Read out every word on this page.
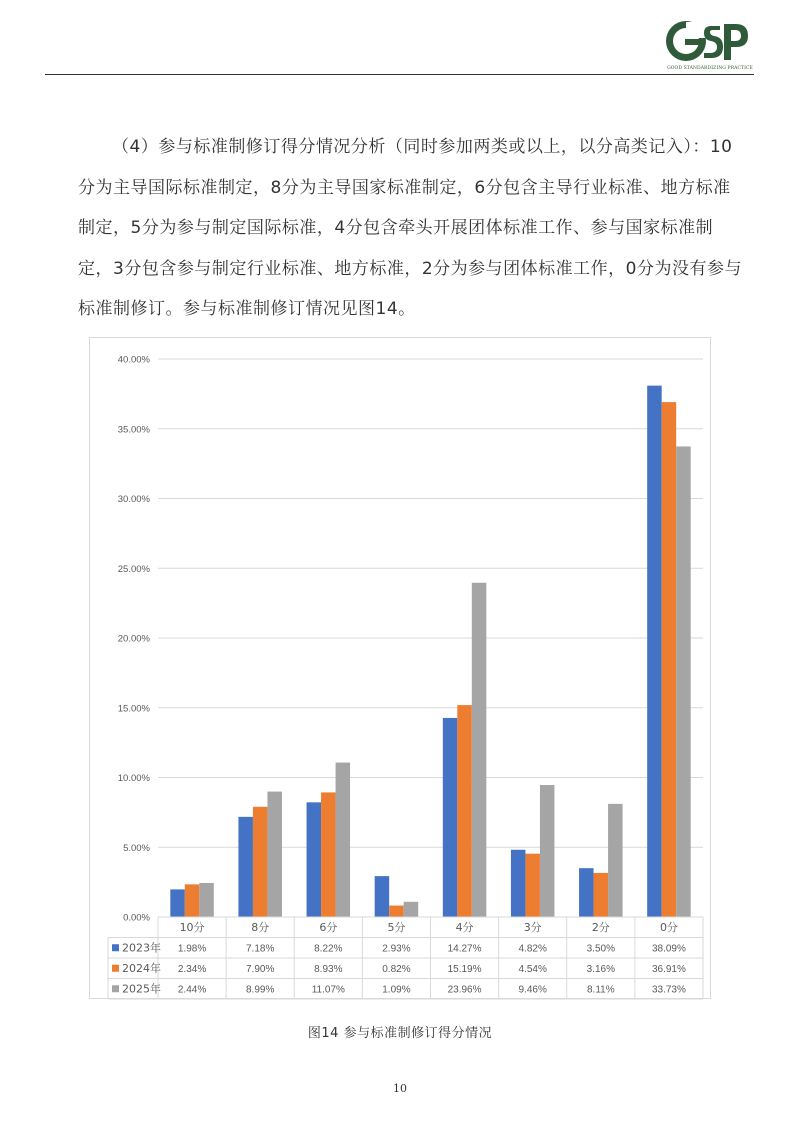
GOOD STANDARDIZING PRACTICE
（4）参与标准制修订得分情况分析（同时参加两类或以上，以分高类记入）：10分为主导国际标准制定，8分为主导国家标准制定，6分包含主导行业标准、地方标准制定，5分为参与制定国际标准，4分包含牵头开展团体标准工作、参与国家标准制定，3分包含参与制定行业标准、地方标准，2分为参与团体标准工作，0分为没有参与标准制修订。参与标准制修订情况见图14。
0.00%
5.00%
10.00%
15.00%
20.00%
25.00%
30.00%
35.00%
40.00%
10分	8分	6分	5分	4分	3分	2分	0分
2023年 1.98%	7.18%	8.22%	2.93%	14.27%	4.82%	3.50%	38.09%
2024年 2.34%	7.90%	8.93%	0.82%	15.19%	4.54%	3.16%	36.91%
2025年 2.44%	8.99%	11.07%	1.09%	23.96%	9.46%	8.11%	33.73%
图14 参与标准制修订得分情况
10
